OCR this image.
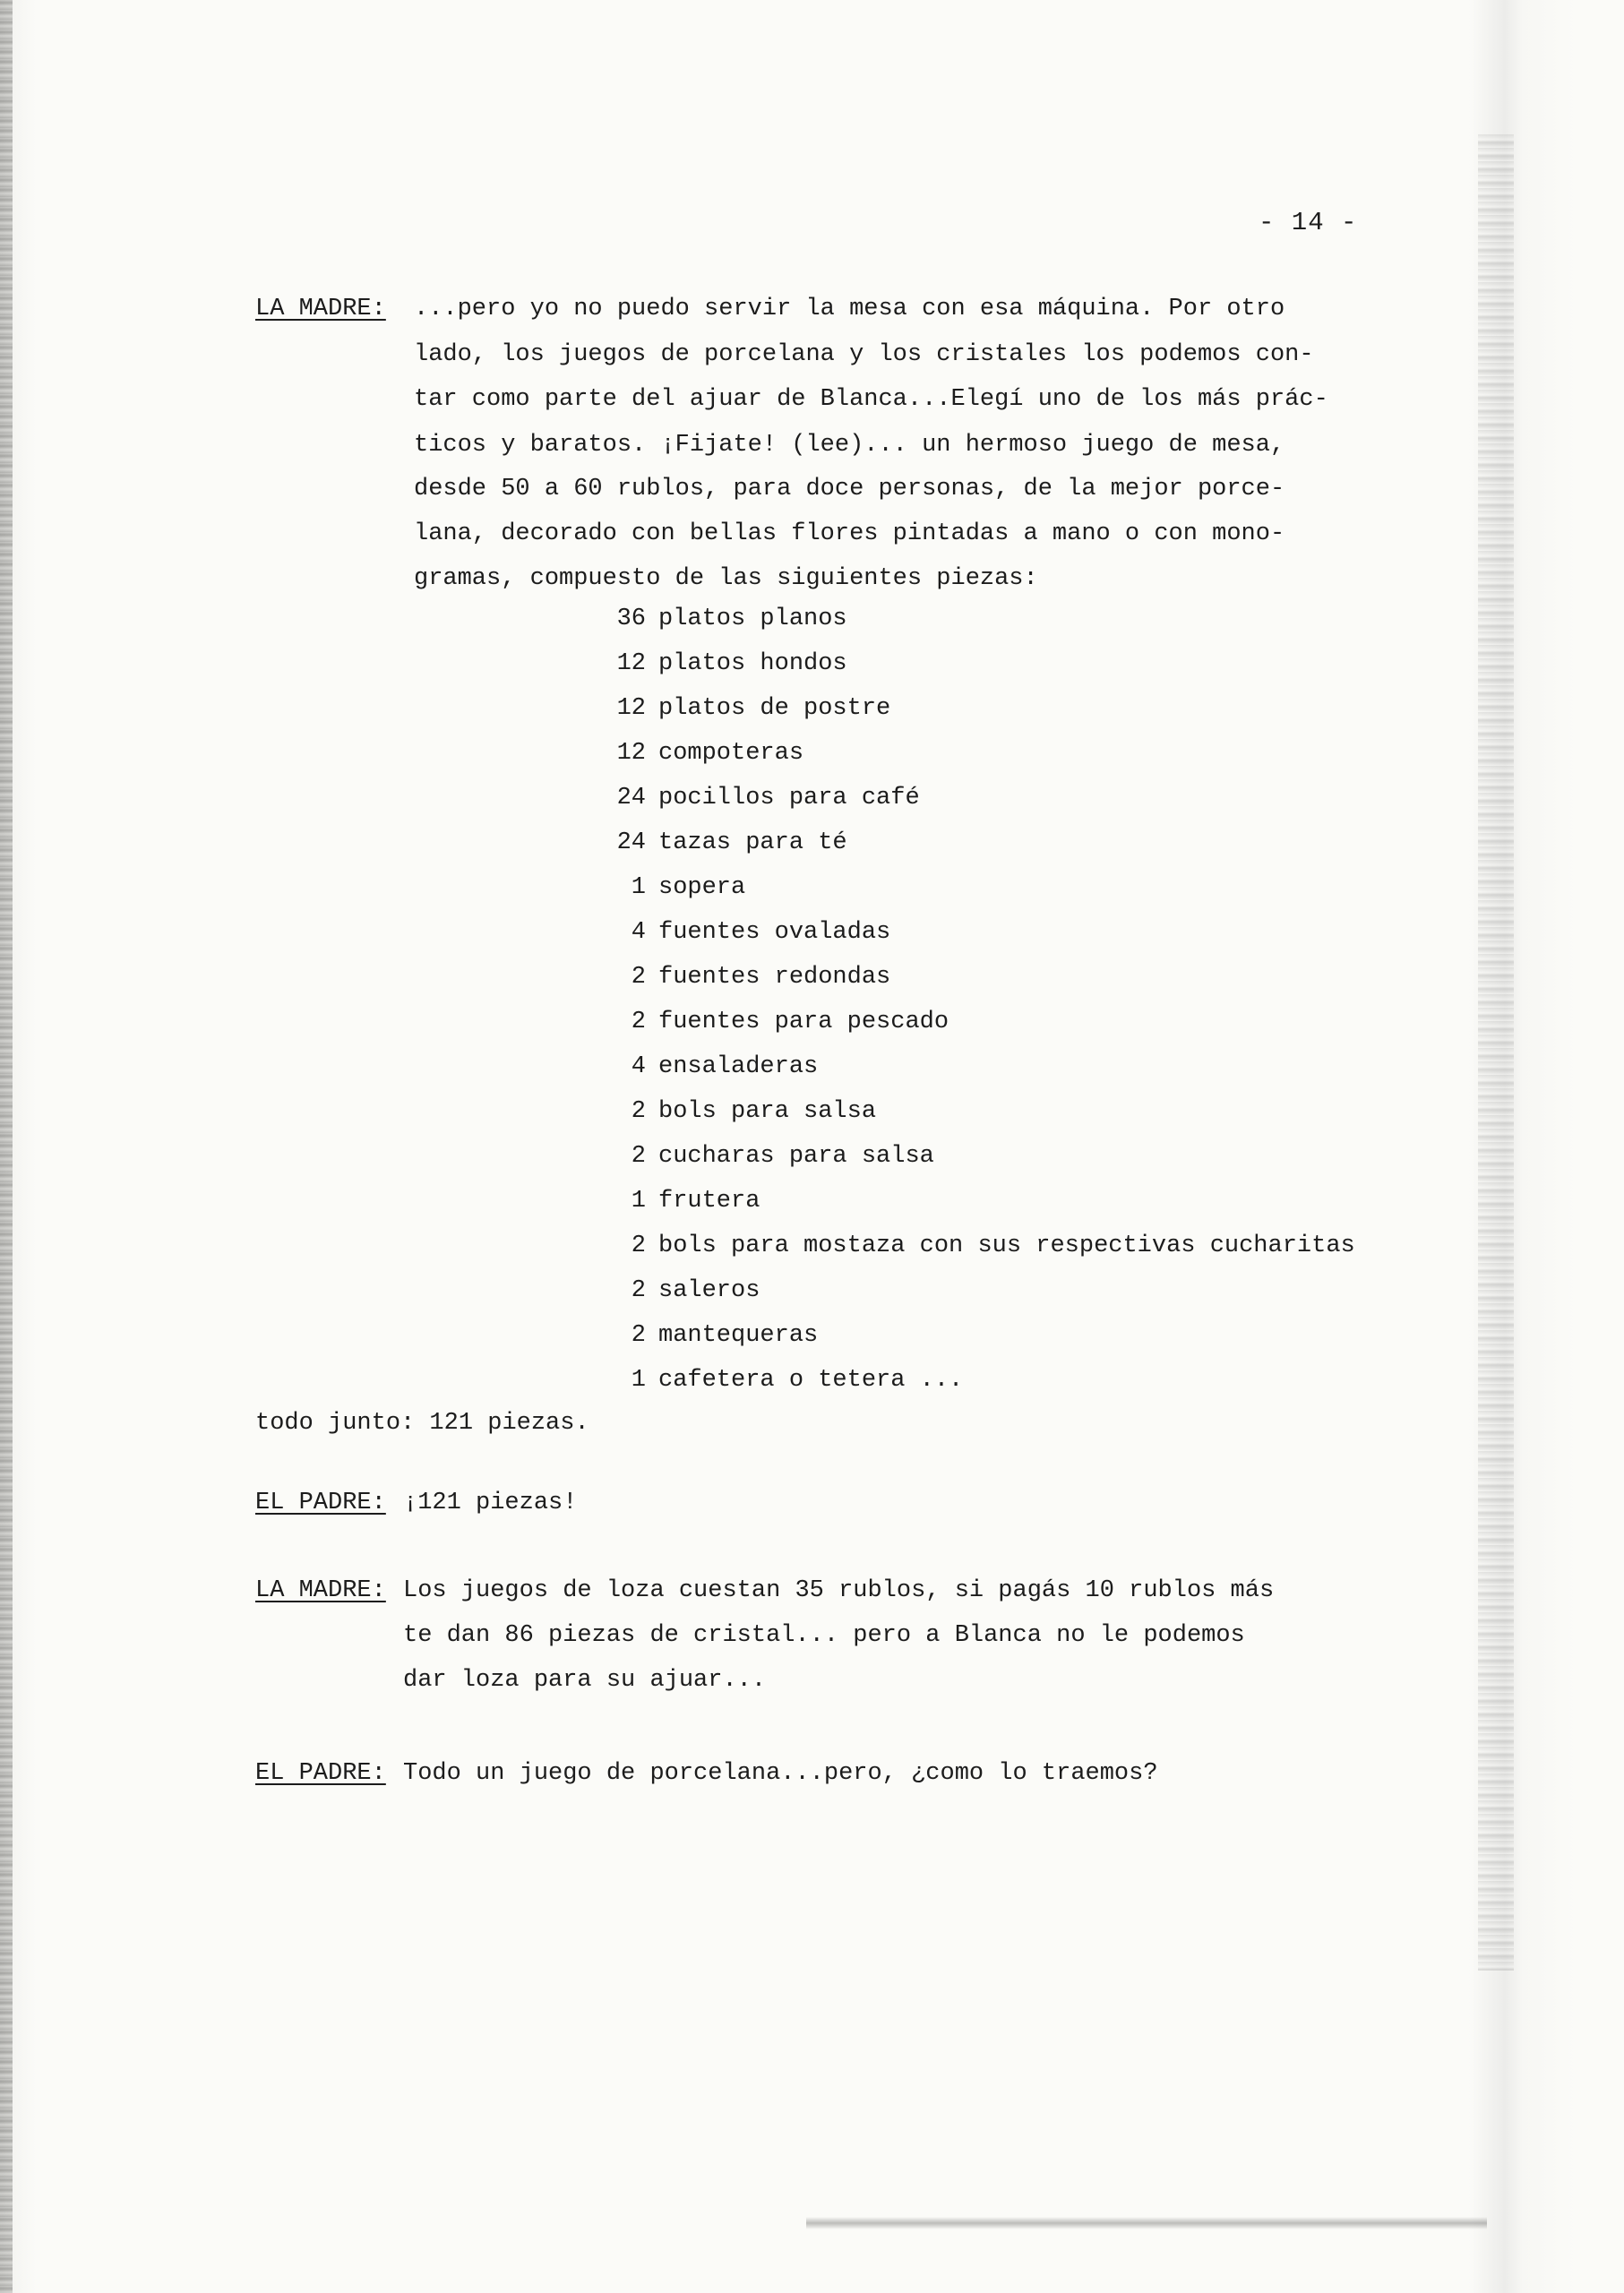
- 14 -
LA MADRE: ...pero yo no puedo servir la mesa con esa máquina. Por otro
lado, los juegos de porcelana y los cristales los podemos con-
tar como parte del ajuar de Blanca...Elegí uno de los más prác-
ticos y baratos. ¡Fijate! (lee)... un hermoso juego de mesa,
desde 50 a 60 rublos, para doce personas, de la mejor porce-
lana, decorado con bellas flores pintadas a mano o con mono-
gramas, compuesto de las siguientes piezas:
36 platos planos
12 platos hondos
12 platos de postre
12 compoteras
24 pocillos para café
24 tazas para té
1 sopera
4 fuentes ovaladas
2 fuentes redondas
2 fuentes para pescado
4 ensaladeras
2 bols para salsa
2 cucharas para salsa
1 frutera
2 bols para mostaza con sus respectivas cucharitas
2 saleros
2 mantequeras
1 cafetera o tetera ...
todo junto: 121 piezas.
EL PADRE: ¡121 piezas!
LA MADRE: Los juegos de loza cuestan 35 rublos, si pagás 10 rublos más
te dan 86 piezas de cristal... pero a Blanca no le podemos
dar loza para su ajuar...
EL PADRE: Todo un juego de porcelana...pero, ¿como lo traemos?
